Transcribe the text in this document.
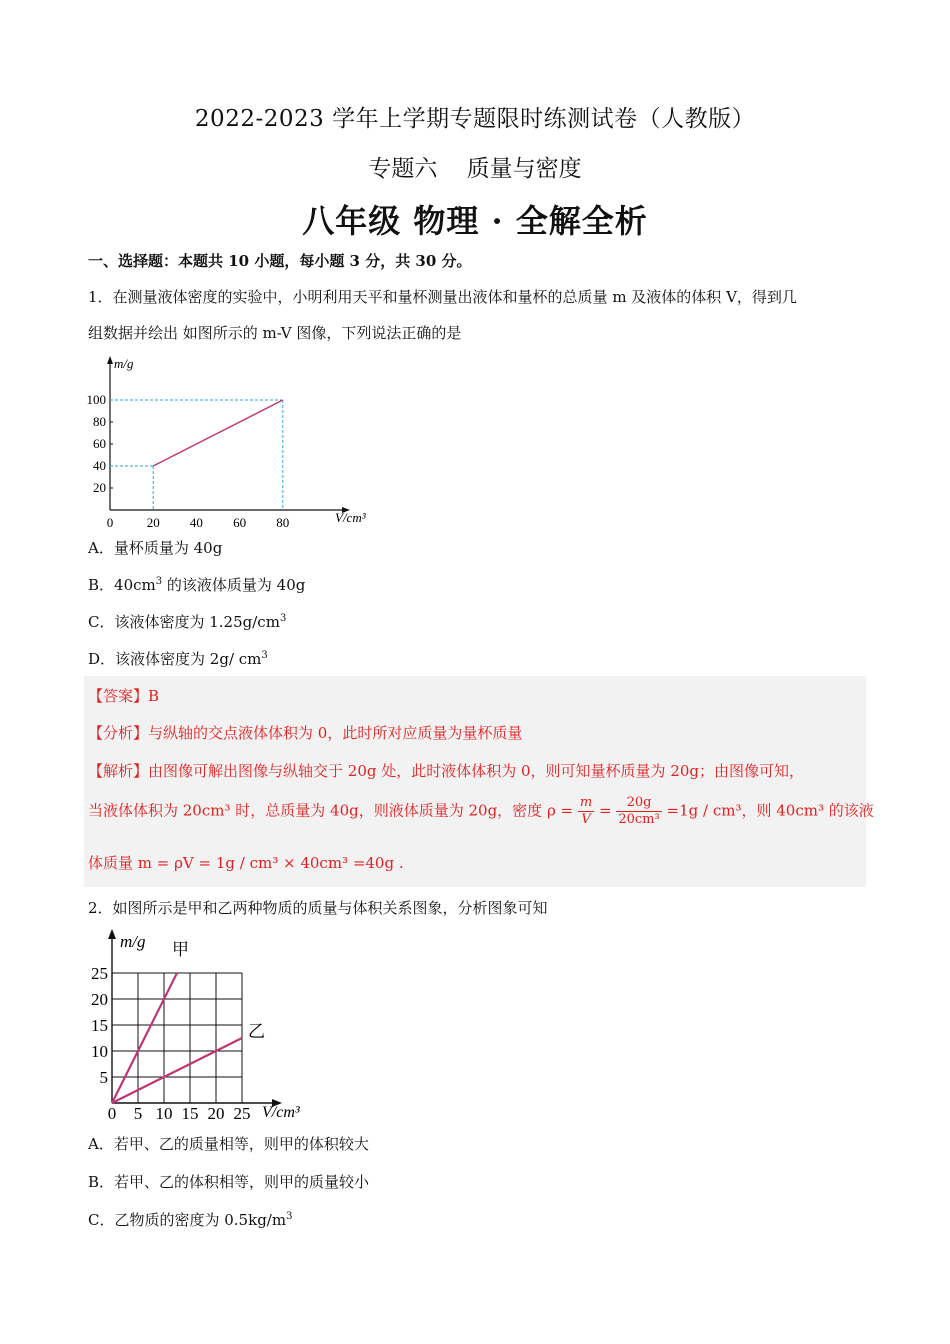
2022-2023 学年上学期专题限时练测试卷（人教版）
专题六    质量与密度
八年级 物理 · 全解全析
一、选择题：本题共 10 小题，每小题 3 分，共 30 分。
1．在测量液体密度的实验中，小明利用天平和量杯测量出液体和量杯的总质量 m 及液体的体积 V，得到几
组数据并绘出 如图所示的 m-V 图像，下列说法正确的是
100
80
60
40
20
0	20 40 60 80
m/g
V/cm³
A．量杯质量为 40g
B．$40cm^3$ 的该液体质量为 40g
C．该液体密度为 $1.25g/cm^3$
D．该液体密度为 2g/ $cm^3$
【答案】B
【分析】与纵轴的交点液体体积为 0，此时所对应质量为量杯质量
【解析】由图像可解出图像与纵轴交于 20g 处，此时液体体积为 0，则可知量杯质量为 20g；由图像可知，
当液体体积为 20cm³ 时，总质量为 40g，则液体质量为 20g，密度 $\rho = \frac{m}{V} = \frac{20g}{\text{20cm³}} =1g / cm^3$，则 40cm³ 的该液
体质量 m = ρV = 1g / cm³ × 40cm³ =40g .
2．如图所示是甲和乙两种物质的质量与体积关系图象，分析图象可知
25
20
15
10
5
0 5 10 15 20 25
m/g
V/cm³
甲
乙
A．若甲、乙的质量相等，则甲的体积较大
B．若甲、乙的体积相等，则甲的质量较小
C．乙物质的密度为 $0.5kg/m^3$
